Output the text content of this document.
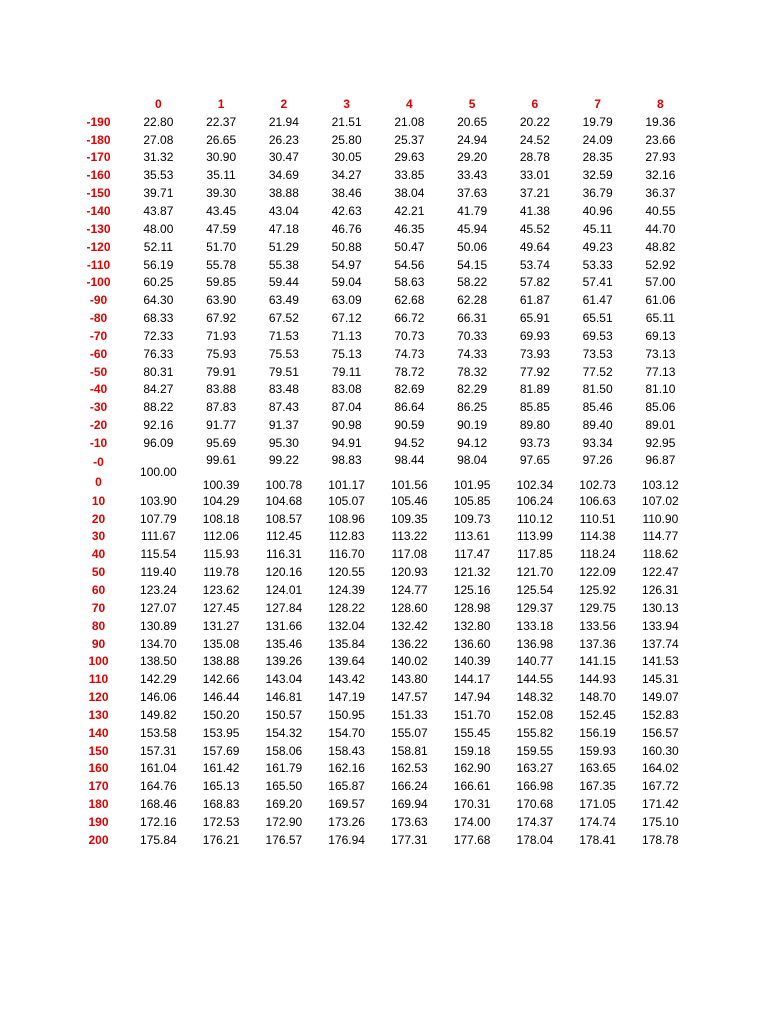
	0	1	2	3	4	5	6	7	8
-190	22.80	22.37	21.94	21.51	21.08	20.65	20.22	19.79	19.36
-180	27.08	26.65	26.23	25.80	25.37	24.94	24.52	24.09	23.66
-170	31.32	30.90	30.47	30.05	29.63	29.20	28.78	28.35	27.93
-160	35.53	35.11	34.69	34.27	33.85	33.43	33.01	32.59	32.16
-150	39.71	39.30	38.88	38.46	38.04	37.63	37.21	36.79	36.37
-140	43.87	43.45	43.04	42.63	42.21	41.79	41.38	40.96	40.55
-130	48.00	47.59	47.18	46.76	46.35	45.94	45.52	45.11	44.70
-120	52.11	51.70	51.29	50.88	50.47	50.06	49.64	49.23	48.82
-110	56.19	55.78	55.38	54.97	54.56	54.15	53.74	53.33	52.92
-100	60.25	59.85	59.44	59.04	58.63	58.22	57.82	57.41	57.00
-90	64.30	63.90	63.49	63.09	62.68	62.28	61.87	61.47	61.06
-80	68.33	67.92	67.52	67.12	66.72	66.31	65.91	65.51	65.11
-70	72.33	71.93	71.53	71.13	70.73	70.33	69.93	69.53	69.13
-60	76.33	75.93	75.53	75.13	74.73	74.33	73.93	73.53	73.13
-50	80.31	79.91	79.51	79.11	78.72	78.32	77.92	77.52	77.13
-40	84.27	83.88	83.48	83.08	82.69	82.29	81.89	81.50	81.10
-30	88.22	87.83	87.43	87.04	86.64	86.25	85.85	85.46	85.06
-20	92.16	91.77	91.37	90.98	90.59	90.19	89.80	89.40	89.01
-10	96.09	95.69	95.30	94.91	94.52	94.12	93.73	93.34	92.95
-0	100.00	99.61	99.22	98.83	98.44	98.04	97.65	97.26	96.87
0		100.39	100.78	101.17	101.56	101.95	102.34	102.73	103.12
10	103.90	104.29	104.68	105.07	105.46	105.85	106.24	106.63	107.02
20	107.79	108.18	108.57	108.96	109.35	109.73	110.12	110.51	110.90
30	111.67	112.06	112.45	112.83	113.22	113.61	113.99	114.38	114.77
40	115.54	115.93	116.31	116.70	117.08	117.47	117.85	118.24	118.62
50	119.40	119.78	120.16	120.55	120.93	121.32	121.70	122.09	122.47
60	123.24	123.62	124.01	124.39	124.77	125.16	125.54	125.92	126.31
70	127.07	127.45	127.84	128.22	128.60	128.98	129.37	129.75	130.13
80	130.89	131.27	131.66	132.04	132.42	132.80	133.18	133.56	133.94
90	134.70	135.08	135.46	135.84	136.22	136.60	136.98	137.36	137.74
100	138.50	138.88	139.26	139.64	140.02	140.39	140.77	141.15	141.53
110	142.29	142.66	143.04	143.42	143.80	144.17	144.55	144.93	145.31
120	146.06	146.44	146.81	147.19	147.57	147.94	148.32	148.70	149.07
130	149.82	150.20	150.57	150.95	151.33	151.70	152.08	152.45	152.83
140	153.58	153.95	154.32	154.70	155.07	155.45	155.82	156.19	156.57
150	157.31	157.69	158.06	158.43	158.81	159.18	159.55	159.93	160.30
160	161.04	161.42	161.79	162.16	162.53	162.90	163.27	163.65	164.02
170	164.76	165.13	165.50	165.87	166.24	166.61	166.98	167.35	167.72
180	168.46	168.83	169.20	169.57	169.94	170.31	170.68	171.05	171.42
190	172.16	172.53	172.90	173.26	173.63	174.00	174.37	174.74	175.10
200	175.84	176.21	176.57	176.94	177.31	177.68	178.04	178.41	178.78
